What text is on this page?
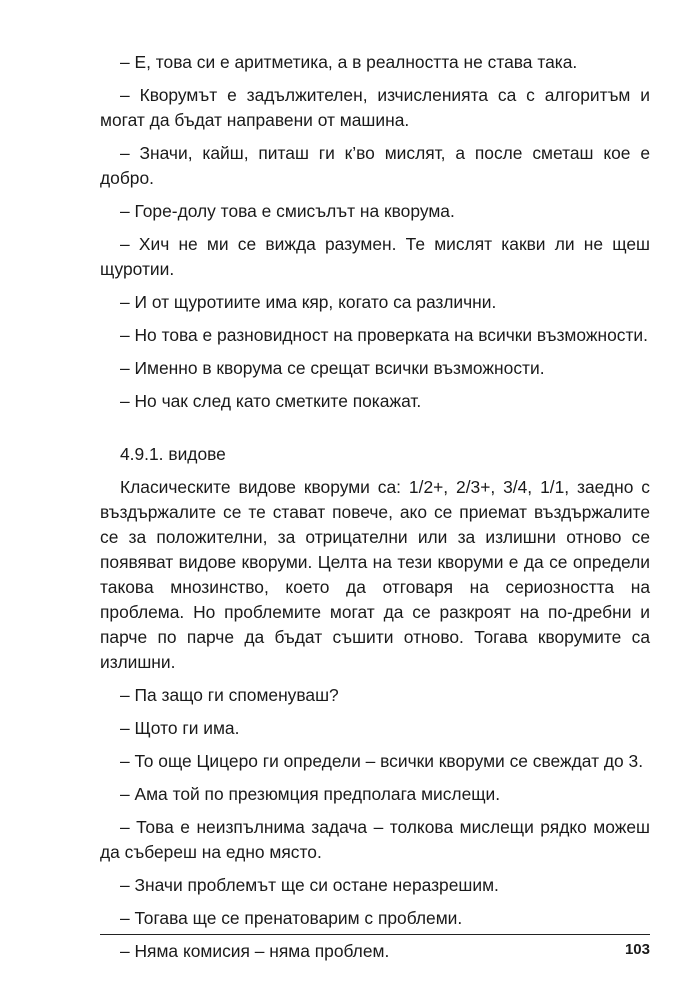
– Е, това си е аритметика, а в реалността не става така.

– Кворумът е задължителен, изчисленията са с алгоритъм и могат да бъдат направени от машина.

– Значи, кайш, питаш ги к’во мислят, а после сметаш кое е добро.

– Горе-долу това е смисълът на кворума.

– Хич не ми се вижда разумен. Те мислят какви ли не щеш щуротии.

– И от щуротиите има кяр, когато са различни.

– Но това е разновидност на проверката на всички възможности.

– Именно в кворума се срещат всички възможности.

– Но чак след като сметките покажат.

4.9.1. видове

Класическите видове кворуми са: 1/2+, 2/3+, 3/4, 1/1, заедно с въздържалите се те стават повече, ако се приемат въздържалите се за положителни, за отрицателни или за излишни отново се появяват видове кворуми. Целта на тези кворуми е да се определи такова мнозинство, което да отговаря на сериозността на проблема. Но проблемите могат да се разкроят на по-дребни и парче по парче да бъдат съшити отново. Тогава кворумите са излишни.

– Па защо ги споменуваш?

– Щото ги има.

– То още Цицеро ги определи – всички кворуми се свеждат до 3.

– Ама той по презюмция предполага мислещи.

– Това е неизпълнима задача – толкова мислещи рядко можеш да събереш на едно място.

– Значи проблемът ще си остане неразрешим.

– Тогава ще се пренатоварим с проблеми.

– Няма комисия – няма проблем.	103
